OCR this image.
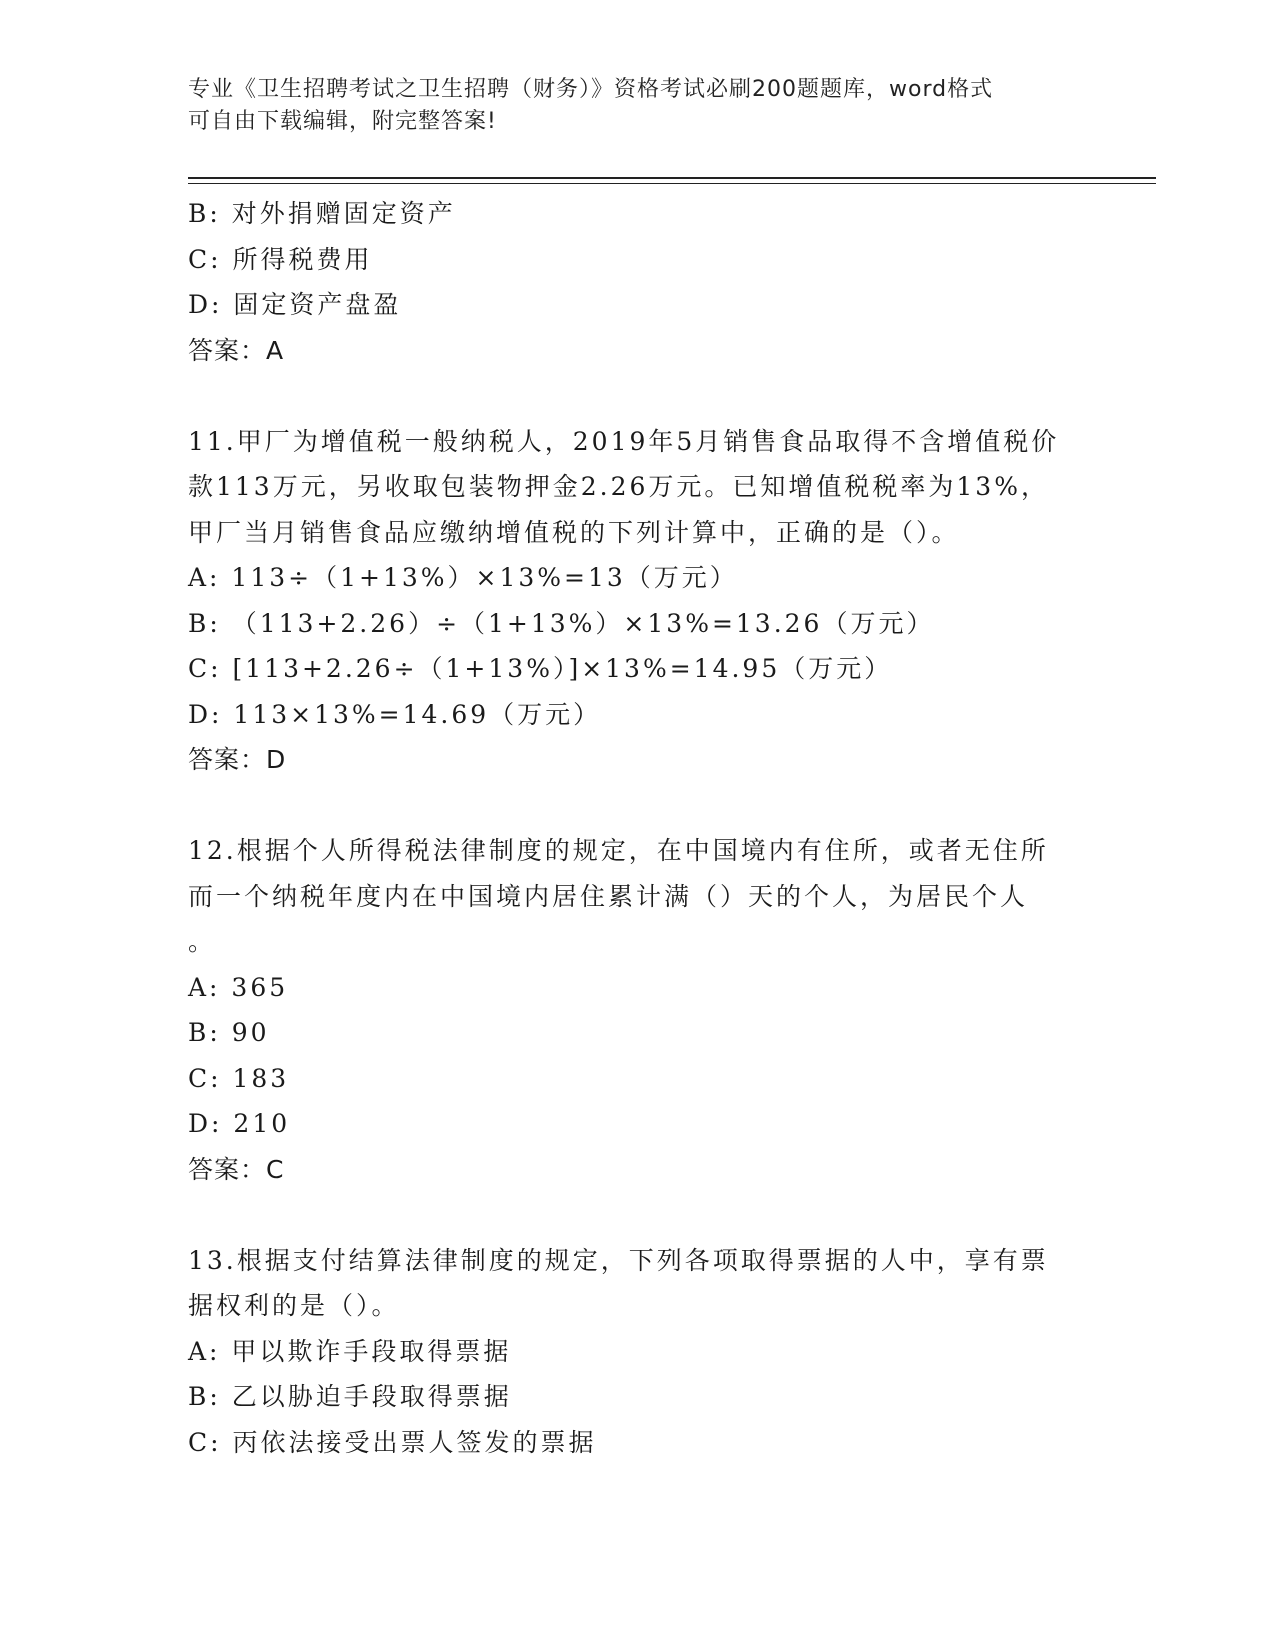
专业《卫生招聘考试之卫生招聘（财务）》资格考试必刷200题题库，word格式
可自由下载编辑，附完整答案!
B: 对外捐赠固定资产
C: 所得税费用
D: 固定资产盘盈
答案：A
11.甲厂为增值税一般纳税人，2019年5月销售食品取得不含增值税价
款113万元，另收取包装物押金2.26万元。已知增值税税率为13%，
甲厂当月销售食品应缴纳增值税的下列计算中，正确的是（）。
A: 113÷（1+13%）×13%=13（万元）
B: （113+2.26）÷（1+13%）×13%=13.26（万元）
C: [113+2.26÷（1+13%）]×13%=14.95（万元）
D: 113×13%=14.69（万元）
答案：D
12.根据个人所得税法律制度的规定，在中国境内有住所，或者无住所
而一个纳税年度内在中国境内居住累计满（）天的个人，为居民个人
。
A: 365
B: 90
C: 183
D: 210
答案：C
13.根据支付结算法律制度的规定，下列各项取得票据的人中，享有票
据权利的是（）。
A: 甲以欺诈手段取得票据
B: 乙以胁迫手段取得票据
C: 丙依法接受出票人签发的票据
